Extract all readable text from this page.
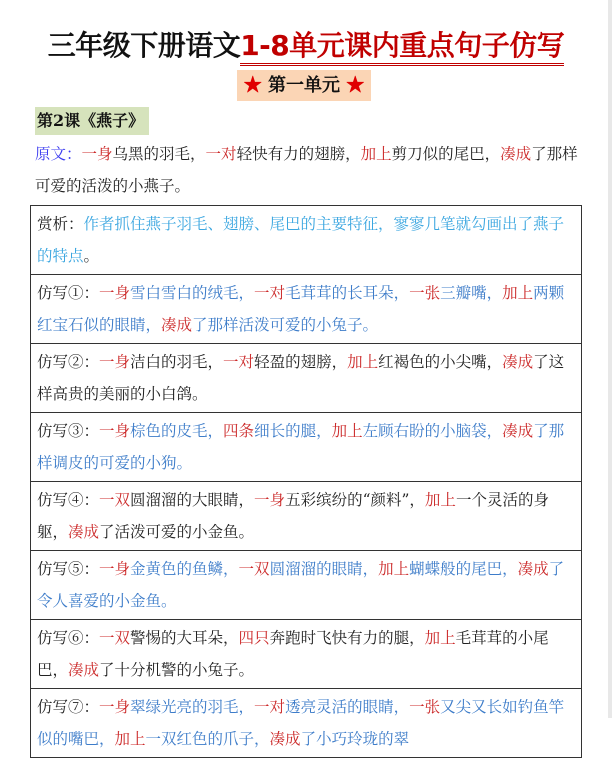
三年级下册语文1-8单元课内重点句子仿写
★ 第一单元 ★
第2课《燕子》
原文：一身乌黑的羽毛，一对轻快有力的翅膀，加上剪刀似的尾巴，凑成了那样可爱的活泼的小燕子。
赏析：作者抓住燕子羽毛、翅膀、尾巴的主要特征，寥寥几笔就勾画出了燕子的特点。
仿写①：一身雪白雪白的绒毛，一对毛茸茸的长耳朵，一张三瓣嘴，加上两颗红宝石似的眼睛，凑成了那样活泼可爱的小兔子。
仿写②：一身洁白的羽毛，一对轻盈的翅膀，加上红褐色的小尖嘴，凑成了这样高贵的美丽的小白鸽。
仿写③：一身棕色的皮毛，四条细长的腿，加上左顾右盼的小脑袋，凑成了那样调皮的可爱的小狗。
仿写④：一双圆溜溜的大眼睛，一身五彩缤纷的“颜料”，加上一个灵活的身躯，凑成了活泼可爱的小金鱼。
仿写⑤：一身金黄色的鱼鳞，一双圆溜溜的眼睛，加上蝴蝶般的尾巴，凑成了令人喜爱的小金鱼。
仿写⑥：一双警惕的大耳朵，四只奔跑时飞快有力的腿，加上毛茸茸的小尾巴，凑成了十分机警的小兔子。
仿写⑦：一身翠绿光亮的羽毛，一对透亮灵活的眼睛，一张又尖又长如钓鱼竿似的嘴巴，加上一双红色的爪子，凑成了小巧玲珑的翠
